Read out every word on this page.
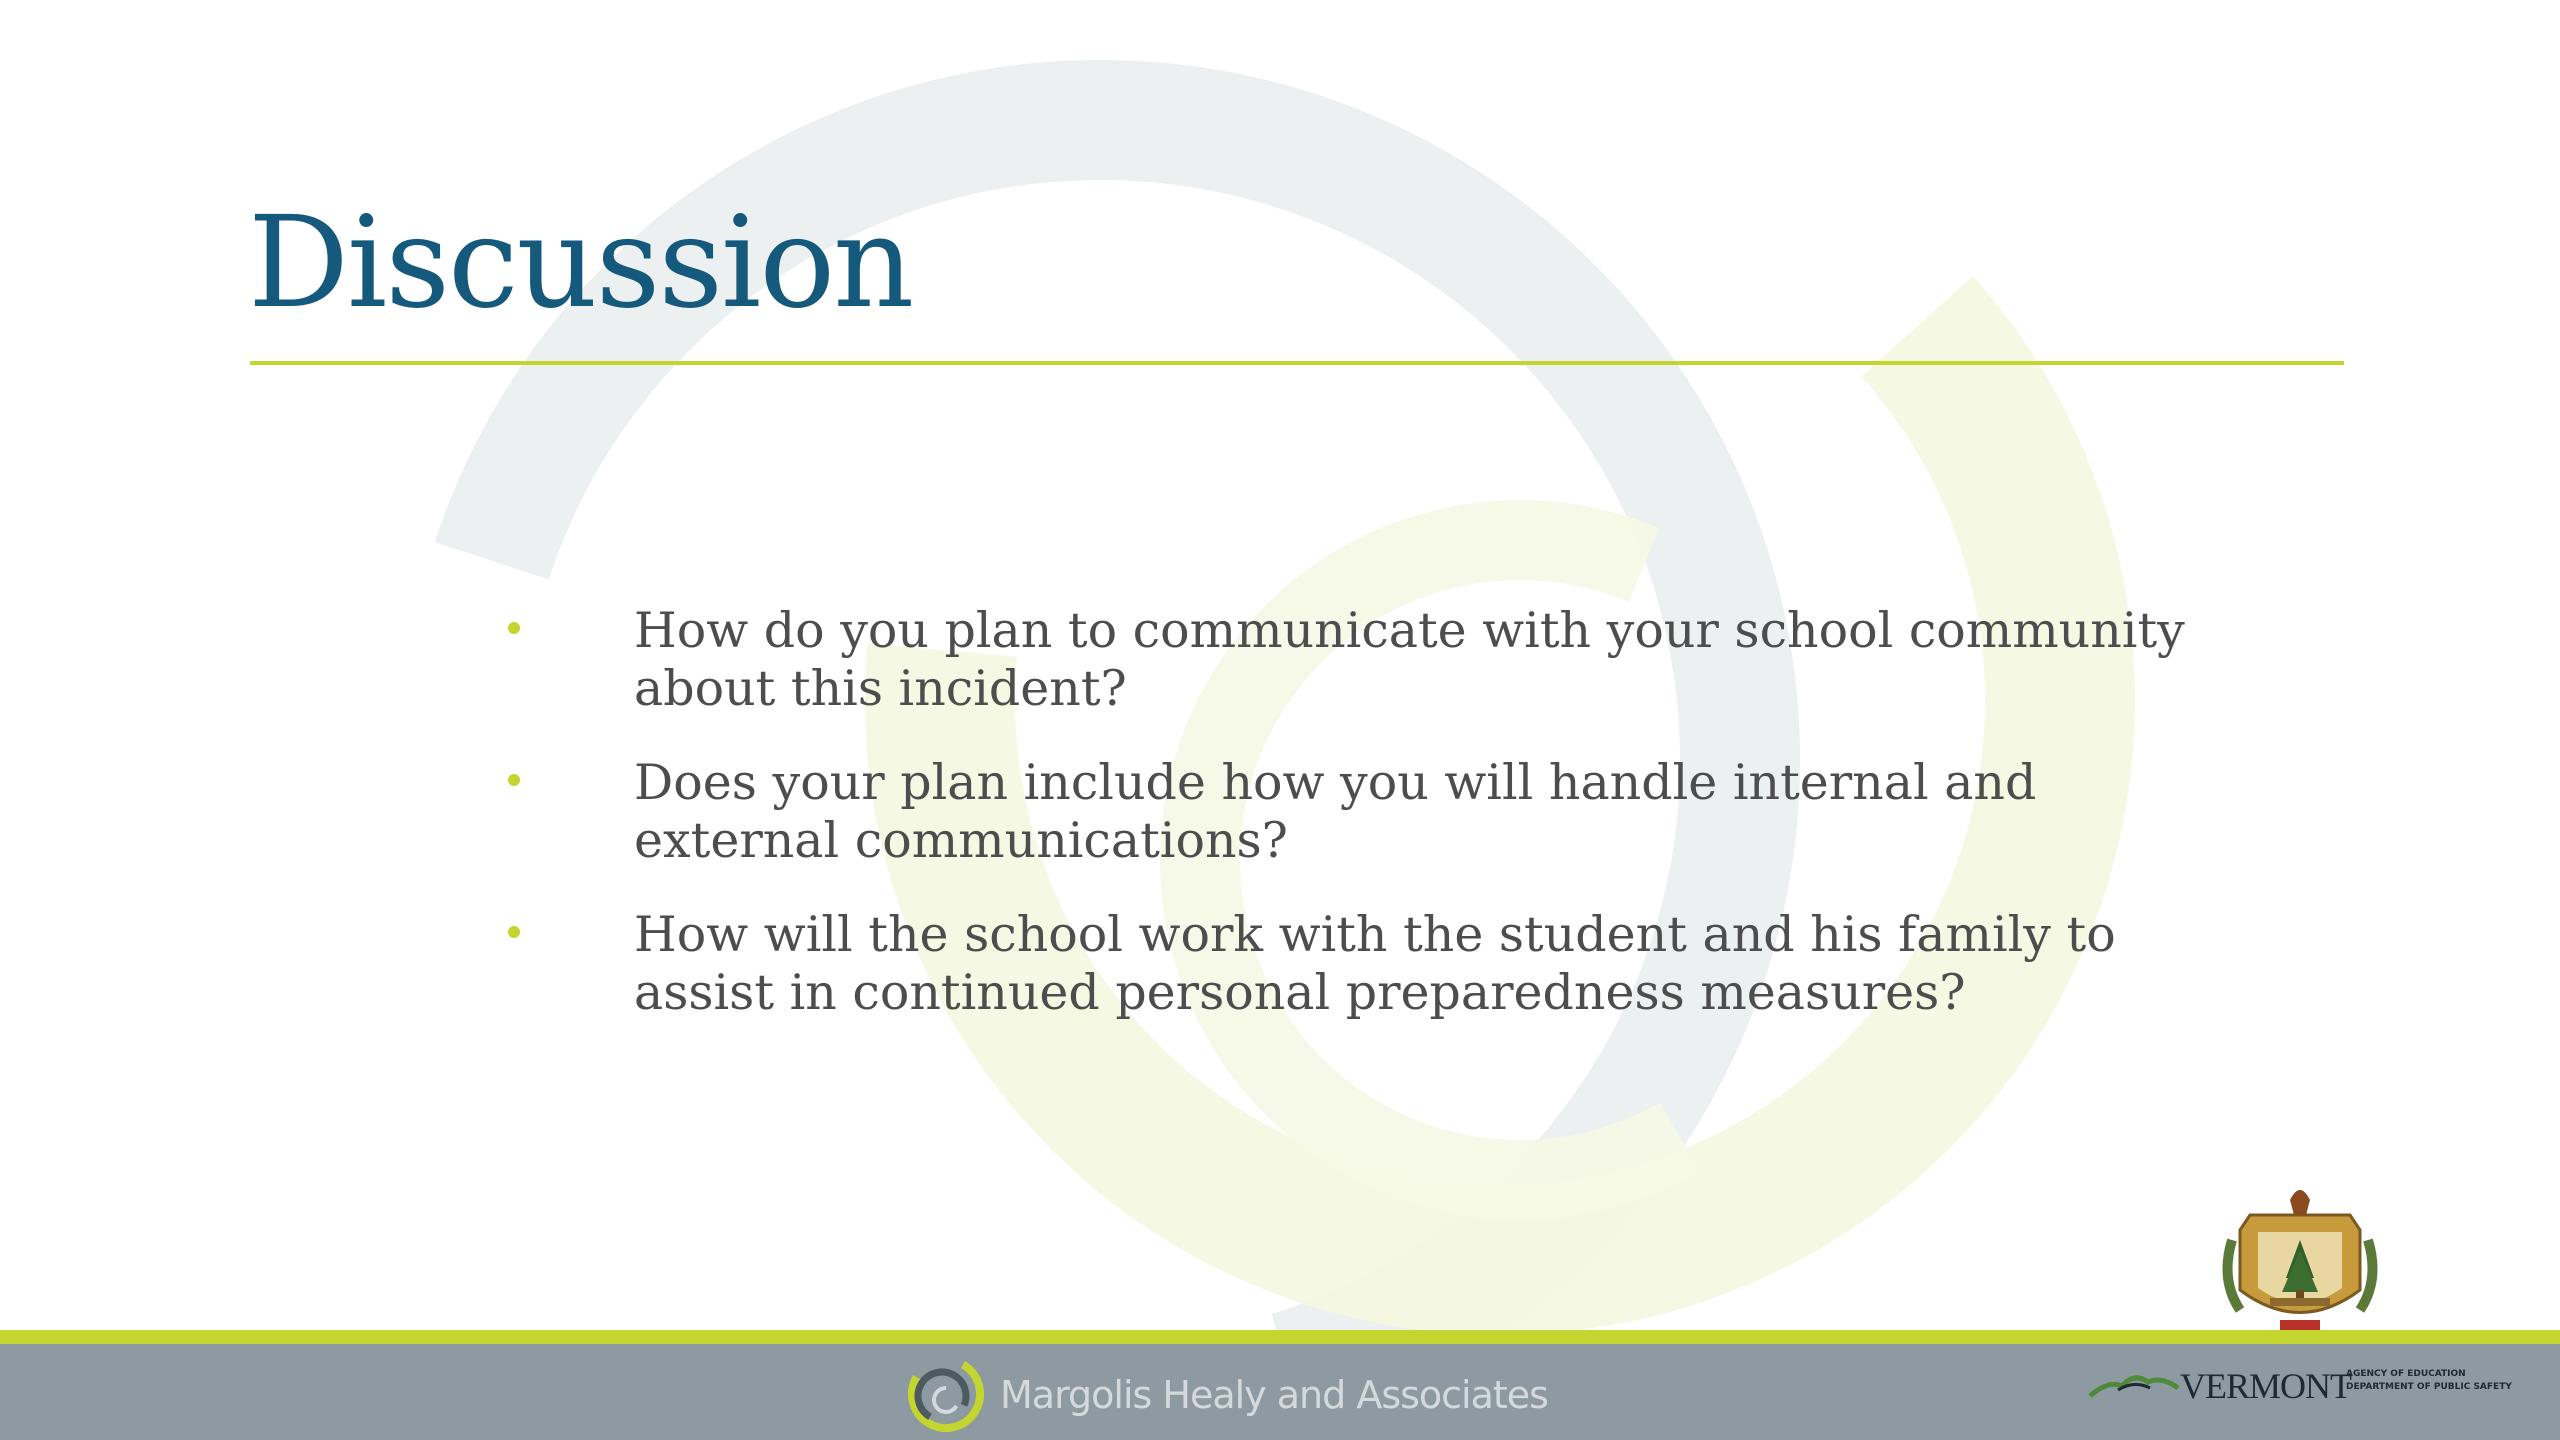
Discussion
How do you plan to communicate with your school community about this incident?
Does your plan include how you will handle internal and external communications?
How will the school work with the student and his family to assist in continued personal preparedness measures?
Margolis Healy and Associates	VERMONT
AGENCY OF EDUCATION
DEPARTMENT OF PUBLIC SAFETY
